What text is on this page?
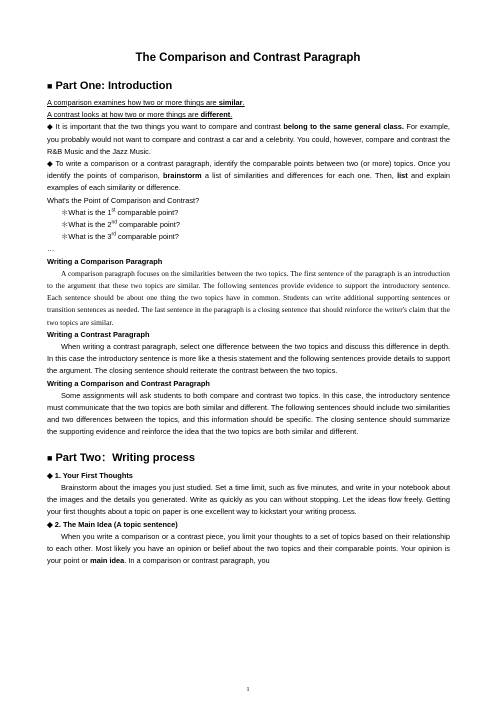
The Comparison and Contrast Paragraph
■ Part One: Introduction

A comparison examines how two or more things are similar.

A contrast looks at how two or more things are different.

◆ It is important that the two things you want to compare and contrast belong to the same general class. For example, you probably would not want to compare and contrast a car and a celebrity. You could, however, compare and contrast the R&B Music and the Jazz Music.

◆ To write a comparison or a contrast paragraph, identify the comparable points between two (or more) topics. Once you identify the points of comparison, brainstorm a list of similarities and differences for each one. Then, list and explain examples of each similarity or difference.

What's the Point of Comparison and Contrast?

＊What is the 1st comparable point?

＊What is the 2nd comparable point?

＊What is the 3rd comparable point?

…

Writing a Comparison Paragraph

A comparison paragraph focuses on the similarities between the two topics. The first sentence of the paragraph is an introduction to the argument that these two topics are similar. The following sentences provide evidence to support the introductory sentence. Each sentence should be about one thing the two topics have in common. Students can write additional supporting sentences or transition sentences as needed. The last sentence in the paragraph is a closing sentence that should reinforce the writer's claim that the two topics are similar.

Writing a Contrast Paragraph

When writing a contrast paragraph, select one difference between the two topics and discuss this difference in depth. In this case the introductory sentence is more like a thesis statement and the following sentences provide details to support the argument. The closing sentence should reiterate the contrast between the two topics.

Writing a Comparison and Contrast Paragraph

Some assignments will ask students to both compare and contrast two topics. In this case, the introductory sentence must communicate that the two topics are both similar and different. The following sentences should include two similarities and two differences between the topics, and this information should be specific. The closing sentence should summarize the supporting evidence and reinforce the idea that the two topics are both similar and different.

■ Part Two：Writing process

◆ 1. Your First Thoughts

Brainstorm about the images you just studied. Set a time limit, such as five minutes, and write in your notebook about the images and the details you generated. Write as quickly as you can without stopping. Let the ideas flow freely. Getting your first thoughts about a topic on paper is one excellent way to kickstart your writing process.

◆ 2. The Main Idea (A topic sentence)

When you write a comparison or a contrast piece, you limit your thoughts to a set of topics based on their relationship to each other. Most likely you have an opinion or belief about the two topics and their comparable points. Your opinion is your point or main idea. In a comparison or contrast paragraph, you

1
